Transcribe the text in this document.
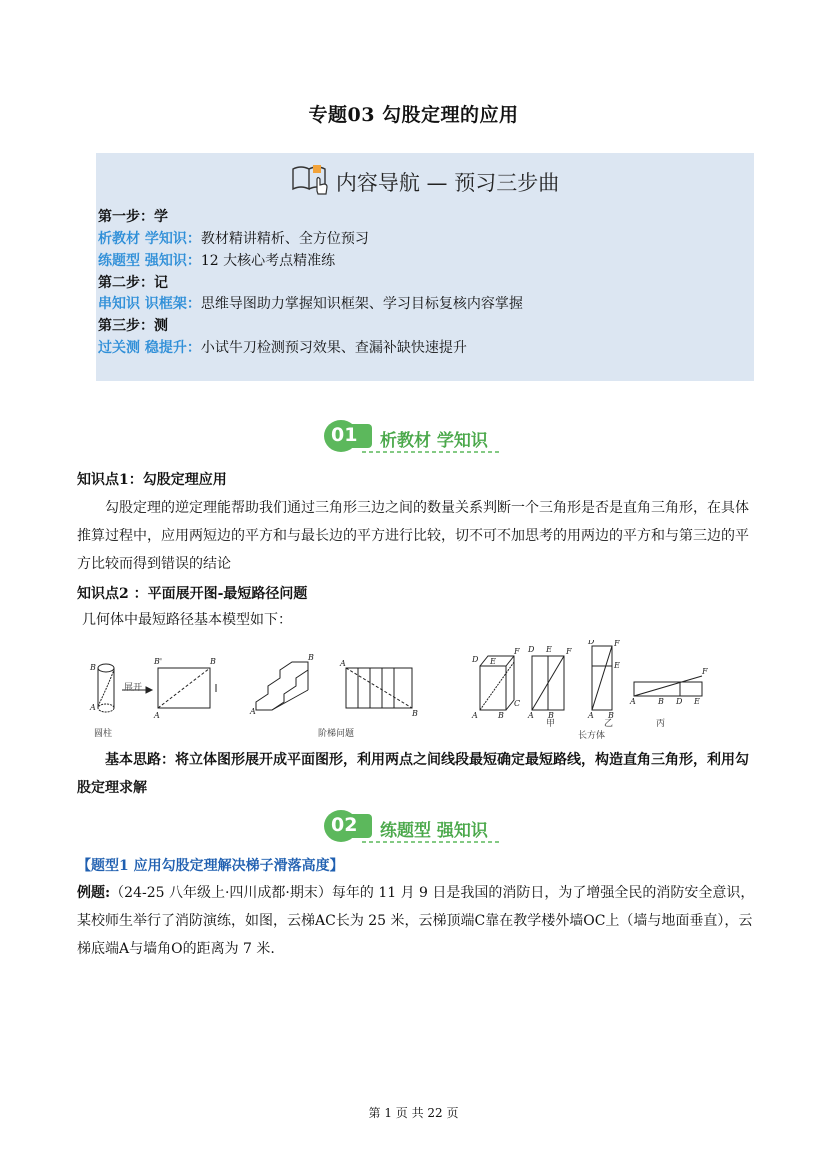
专题03 勾股定理的应用
内容导航 — 预习三步曲
第一步：学
析教材 学知识：教材精讲精析、全方位预习
练题型 强知识：12 大核心考点精准练
第二步：记
串知识 识框架：思维导图助力掌握知识框架、学习目标复核内容掌握
第三步：测
过关测 稳提升：小试牛刀检测预习效果、查漏补缺快速提升
01 析教材 学知识
知识点1：勾股定理应用
勾股定理的逆定理能帮助我们通过三角形三边之间的数量关系判断一个三角形是否是直角三角形，在具体推算过程中，应用两短边的平方和与最长边的平方进行比较，切不可不加思考的用两边的平方和与第三边的平方比较而得到错误的结论
知识点2 ：平面展开图-最短路径问题
几何体中最短路径基本模型如下：
B
A
B'	B
A	A
B
A
B
D E
F
A	B
C
D E F
A B
D F
E
A B
F
D E
A	B
圆柱
展开
阶梯问题
甲	乙	丙
长方体
基本思路：将立体图形展开成平面图形，利用两点之间线段最短确定最短路线，构造直角三角形，利用勾股定理求解
02 练题型 强知识
【题型1 应用勾股定理解决梯子滑落高度】
例题:（24-25 八年级上·四川成都·期末）每年的 11 月 9 日是我国的消防日，为了增强全民的消防安全意识，某校师生举行了消防演练，如图，云梯AC长为 25 米，云梯顶端C靠在教学楼外墙OC上（墙与地面垂直），云梯底端A与墙角O的距离为 7 米.
第 1 页 共 22 页
